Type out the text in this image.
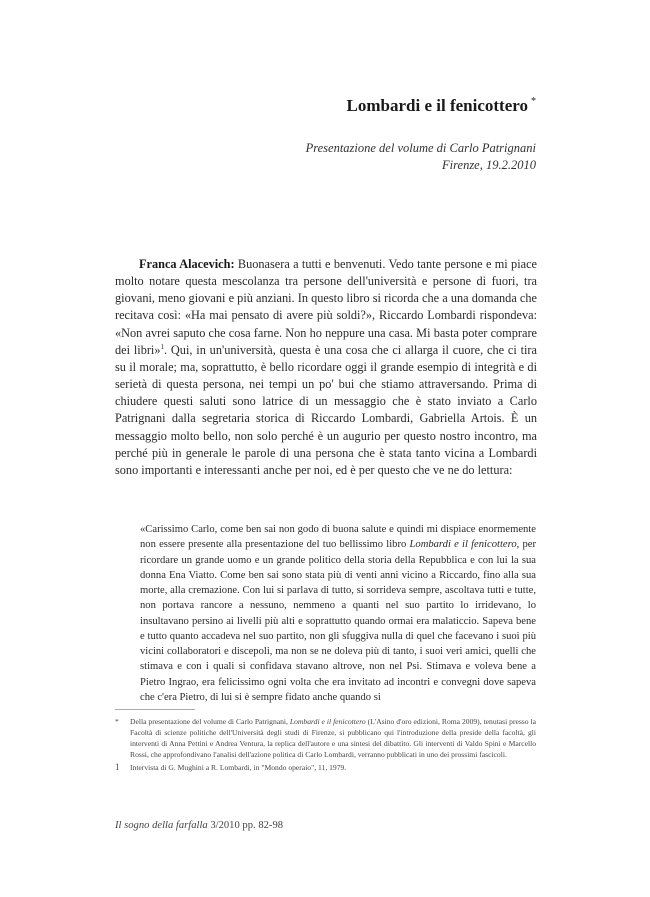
Lombardi e il fenicottero *
Presentazione del volume di Carlo Patrignani
Firenze, 19.2.2010

Franca Alacevich: Buonasera a tutti e benvenuti. Vedo tante persone e mi piace molto notare questa mescolanza tra persone dell'università e persone di fuori, tra giovani, meno giovani e più anziani. In questo libro si ricorda che a una domanda che recitava così: «Ha mai pensato di avere più soldi?», Riccardo Lombardi rispondeva: «Non avrei saputo che cosa farne. Non ho neppure una casa. Mi basta poter comprare dei libri»$^1$. Qui, in un'università, questa è una cosa che ci allarga il cuore, che ci tira su il morale; ma, soprattutto, è bello ricordare oggi il grande esempio di integrità e di serietà di questa persona, nei tempi un po' bui che stiamo attraversando. Prima di chiudere questi saluti sono latrice di un messaggio che è stato inviato a Carlo Patrignani dalla segretaria storica di Riccardo Lombardi, Gabriella Artois. È un messaggio molto bello, non solo perché è un augurio per questo nostro incontro, ma perché più in generale le parole di una persona che è stata tanto vicina a Lombardi sono importanti e interessanti anche per noi, ed è per questo che ve ne do lettura:

«Carissimo Carlo, come ben sai non godo di buona salute e quindi mi dispiace enormemente non essere presente alla presentazione del tuo bellissimo libro Lombardi e il fenicottero, per ricordare un grande uomo e un grande politico della storia della Repubblica e con lui la sua donna Ena Viatto. Come ben sai sono stata più di venti anni vicino a Riccardo, fino alla sua morte, alla cremazione. Con lui si parlava di tutto, si sorrideva sempre, ascoltava tutti e tutte, non portava rancore a nessuno, nemmeno a quanti nel suo partito lo irridevano, lo insultavano persino ai livelli più alti e soprattutto quando ormai era malaticcio. Sapeva bene e tutto quanto accadeva nel suo partito, non gli sfuggiva nulla di quel che facevano i suoi più vicini collaboratori e discepoli, ma non se ne doleva più di tanto, i suoi veri amici, quelli che stimava e con i quali si confidava stavano altrove, non nel Psi. Stimava e voleva bene a Pietro Ingrao, era felicissimo ogni volta che era invitato ad incontri e convegni dove sapeva che c'era Pietro, di lui si è sempre fidato anche quando si

* Della presentazione del volume di Carlo Patrignani, Lombardi e il fenicottero (L'Asino d'oro edizioni, Roma 2009), tenutasi presso la Facoltà di scienze politiche dell'Università degli studi di Firenze, si pubblicano qui l'introduzione della preside della facoltà, gli interventi di Anna Pettini e Andrea Ventura, la replica dell'autore e una sintesi del dibattito. Gli interventi di Valdo Spini e Marcello Rossi, che approfondivano l'analisi dell'azione politica di Carlo Lombardi, verranno pubblicati in uno dei prossimi fascicoli.
1 Intervista di G. Mughini a R. Lombardi, in "Mondo operaio", 11, 1979.
Il sogno della farfalla 3/2010 pp. 82-98
